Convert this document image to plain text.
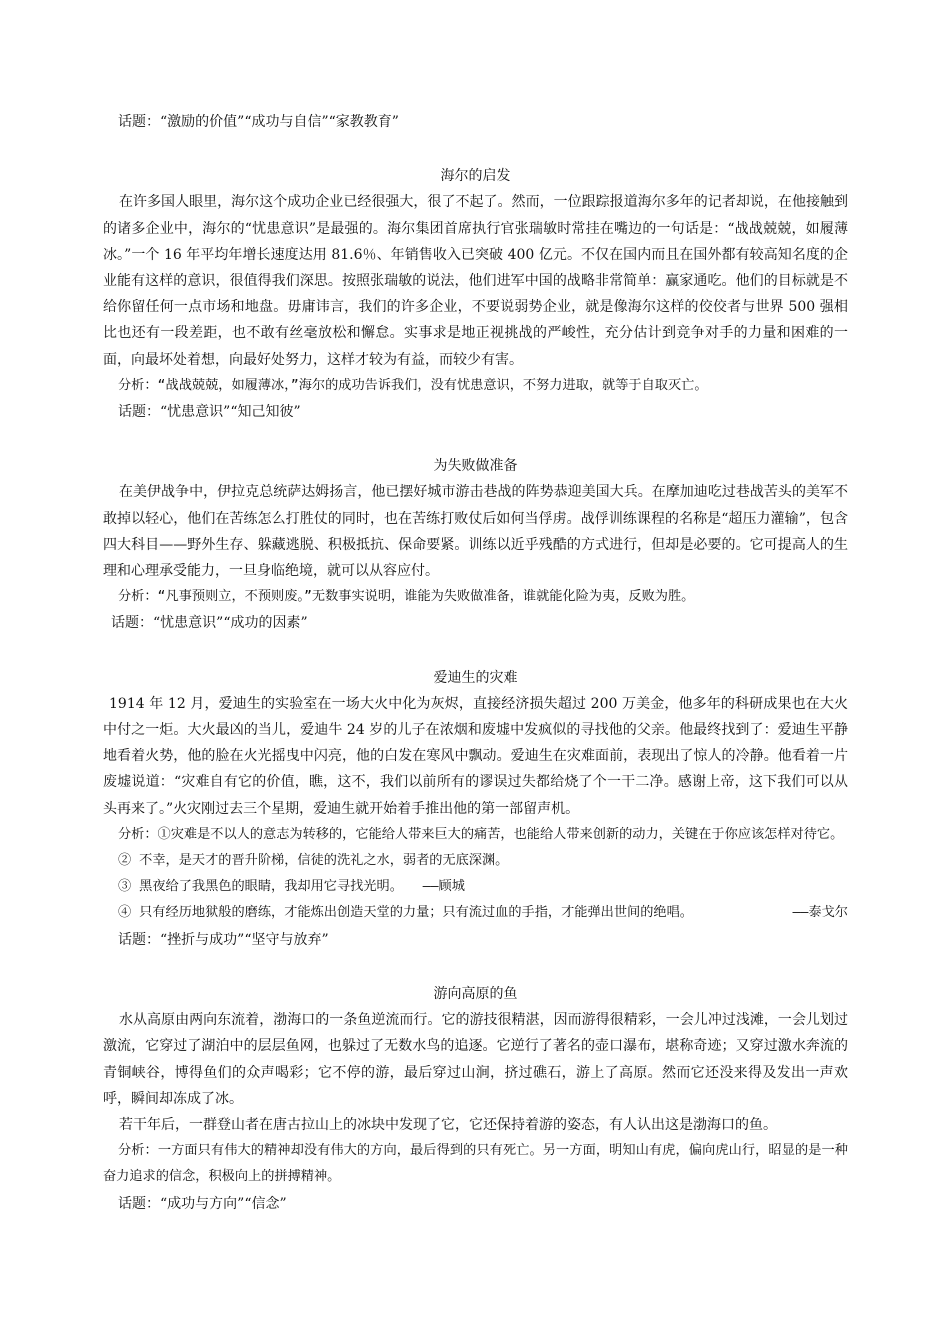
话题：“激励的价值”“成功与自信”“家教教育”

海尔的启发

在许多国人眼里，海尔这个成功企业已经很强大，很了不起了。然而，一位跟踪报道海尔多年的记者却说，在他接触到的诸多企业中，海尔的“忧患意识”是最强的。海尔集团首席执行官张瑞敏时常挂在嘴边的一句话是：“战战兢兢，如履薄冰。”一个 16 年平均年增长速度达用 81.6％、年销售收入已突破 400 亿元。不仅在国内而且在国外都有较高知名度的企业能有这样的意识，很值得我们深思。按照张瑞敏的说法，他们进军中国的战略非常简单：赢家通吃。他们的目标就是不给你留任何一点市场和地盘。毋庸讳言，我们的许多企业，不要说弱势企业，就是像海尔这样的佼佼者与世界 500 强相比也还有一段差距，也不敢有丝毫放松和懈怠。实事求是地正视挑战的严峻性，充分估计到竞争对手的力量和困难的一面，向最坏处着想，向最好处努力，这样才较为有益，而较少有害。

分析：“战战兢兢，如履薄冰，”海尔的成功告诉我们，没有忧患意识，不努力进取，就等于自取灭亡。

话题：“忧患意识”“知己知彼”

为失败做准备

在美伊战争中，伊拉克总统萨达姆扬言，他已摆好城市游击巷战的阵势恭迎美国大兵。在摩加迪吃过巷战苦头的美军不敢掉以轻心，他们在苦练怎么打胜仗的同时，也在苦练打败仗后如何当俘虏。战俘训练课程的名称是“超压力灌输”，包含四大科目——野外生存、躲藏逃脱、积极抵抗、保命要紧。训练以近乎残酷的方式进行，但却是必要的。它可提高人的生理和心理承受能力，一旦身临绝境，就可以从容应付。

分析：“凡事预则立，不预则废。”无数事实说明，谁能为失败做准备，谁就能化险为夷，反败为胜。

话题：“忧患意识”“成功的因素”

爱迪生的灾难

1914 年 12 月，爱迪生的实验室在一场大火中化为灰烬，直接经济损失超过 200 万美金，他多年的科研成果也在大火中付之一炬。大火最凶的当儿，爱迪牛 24 岁的儿子在浓烟和废墟中发疯似的寻找他的父亲。他最终找到了：爱迪生平静地看着火势，他的脸在火光摇曳中闪亮，他的白发在寒风中飘动。爱迪生在灾难面前，表现出了惊人的冷静。他看着一片废墟说道：“灾难自有它的价值，瞧，这不，我们以前所有的谬误过失都给烧了个一干二净。感谢上帝，这下我们可以从头再来了。”火灾刚过去三个星期，爱迪生就开始着手推出他的第一部留声机。

分析：①灾难是不以人的意志为转移的，它能给人带来巨大的痛苦，也能给人带来创新的动力，关键在于你应该怎样对待它。

② 不幸，是天才的晋升阶梯，信徒的洗礼之水，弱者的无底深渊。

③ 黑夜给了我黑色的眼睛，我却用它寻找光明。　　——顾城

④ 只有经历地狱般的磨练，才能炼出创造天堂的力量；只有流过血的手指，才能弹出世间的绝唱。	——泰戈尔

话题：“挫折与成功”“坚守与放弃”

游向高原的鱼

水从高原由两向东流着，渤海口的一条鱼逆流而行。它的游技很精湛，因而游得很精彩，一会儿冲过浅滩，一会儿划过激流，它穿过了湖泊中的层层鱼网，也躲过了无数水鸟的追逐。它逆行了著名的壶口瀑布，堪称奇迹；又穿过激水奔流的青铜峡谷，博得鱼们的众声喝彩；它不停的游，最后穿过山涧，挤过礁石，游上了高原。然而它还没来得及发出一声欢呼，瞬间却冻成了冰。

若干年后，一群登山者在唐古拉山上的冰块中发现了它，它还保持着游的姿态，有人认出这是渤海口的鱼。

分析：一方面只有伟大的精神却没有伟大的方向，最后得到的只有死亡。另一方面，明知山有虎，偏向虎山行，昭显的是一种奋力追求的信念，积极向上的拼搏精神。

话题：“成功与方向”“信念”
